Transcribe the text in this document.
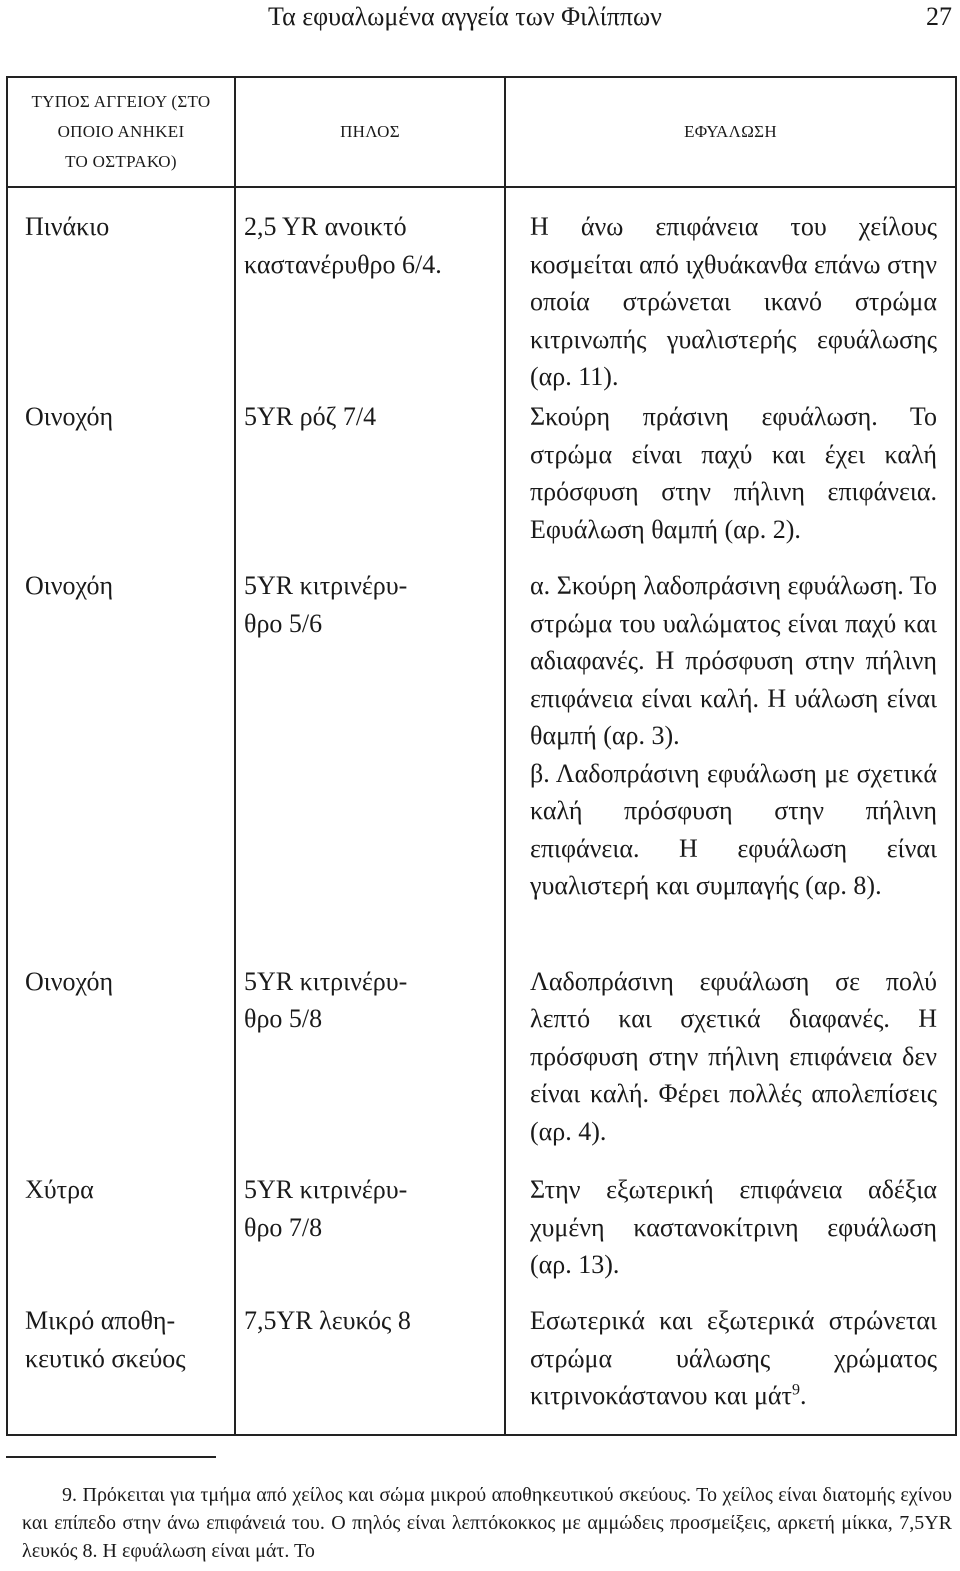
Τα εφυαλωμένα αγγεία των Φιλίππων	27
ΤΥΠΟΣ ΑΓΓΕΙΟΥ (ΣΤΟ
ΟΠΟΙΟ ΑΝΗΚΕΙ
ΤΟ ΟΣΤΡΑΚΟ)	ΠΗΛΟΣ	ΕΦΥΑΛΩΣΗ
Πινάκιο	2,5 YR ανοικτό
καστανέρυθρο 6/4.	Η άνω επιφάνεια του χείλους κοσμείται από ιχθυάκανθα επάνω στην οποία στρώνεται ικανό στρώμα κιτρινωπής γυαλιστερής εφυάλωσης (αρ. 11).
Οινοχόη	5YR ρόζ 7/4	Σκούρη πράσινη εφυάλωση. Το στρώμα είναι παχύ και έχει καλή πρόσφυση στην πήλινη επιφάνεια. Εφυάλωση θαμπή (αρ. 2).
Οινοχόη	5YR κιτρινέρυ-
θρο 5/6	α. Σκούρη λαδοπράσινη εφυάλωση. Το στρώμα του υαλώματος είναι παχύ και αδιαφανές. Η πρόσφυση στην πήλινη επιφάνεια είναι καλή. Η υάλωση είναι θαμπή (αρ. 3).
β. Λαδοπράσινη εφυάλωση με σχετικά καλή πρόσφυση στην πήλινη επιφάνεια. Η εφυάλωση είναι γυαλιστερή και συμπαγής (αρ. 8).
Οινοχόη	5YR κιτρινέρυ-
θρο 5/8	Λαδοπράσινη εφυάλωση σε πολύ λεπτό και σχετικά διαφανές. Η πρόσφυση στην πήλινη επιφάνεια δεν είναι καλή. Φέρει πολλές απολεπίσεις (αρ. 4).
Χύτρα	5YR κιτρινέρυ-
θρο 7/8	Στην εξωτερική επιφάνεια αδέξια χυμένη καστανοκίτρινη εφυάλωση (αρ. 13).
Μικρό αποθη-
κευτικό σκεύος	7,5YR λευκός 8	Εσωτερικά και εξωτερικά στρώνεται στρώμα υάλωσης χρώματος κιτρινοκάστανου και μάτ$^9$.
9. Πρόκειται για τμήμα από χείλος και σώμα μικρού αποθηκευτικού σκεύους. Το χείλος είναι διατομής εχίνου και επίπεδο στην άνω επιφάνειά του. Ο πηλός είναι λεπτόκοκκος με αμμώδεις προσμείξεις, αρκετή μίκκα, 7,5YR λευκός 8. Η εφυάλωση είναι μάτ. Το
